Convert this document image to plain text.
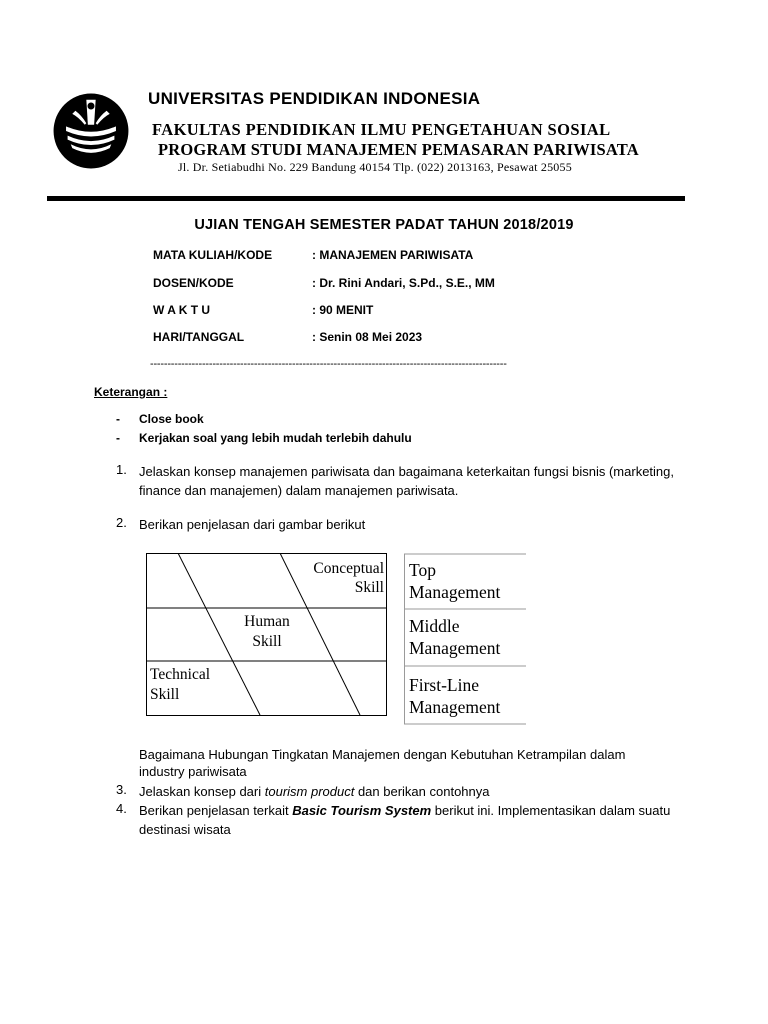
UNIVERSITAS PENDIDIKAN INDONESIA
FAKULTAS PENDIDIKAN ILMU PENGETAHUAN SOSIAL
PROGRAM STUDI MANAJEMEN PEMASARAN PARIWISATA
Jl. Dr. Setiabudhi No. 229 Bandung 40154 Tlp. (022) 2013163, Pesawat 25055
UJIAN TENGAH SEMESTER PADAT TAHUN 2018/2019
MATA KULIAH/KODE	: MANAJEMEN PARIWISATA
DOSEN/KODE	: Dr. Rini Andari, S.Pd., S.E., MM
W A K T U	: 90 MENIT
HARI/TANGGAL	: Senin 08 Mei 2023
-------------------------------------------------------------------------------------------------------
Keterangan :
- Close book
- Kerjakan soal yang lebih mudah terlebih dahulu
1. Jelaskan konsep manajemen pariwisata dan bagaimana keterkaitan fungsi bisnis (marketing, finance dan manajemen) dalam manajemen pariwisata.
2. Berikan penjelasan dari gambar berikut
Conceptual
Skill
Human
Skill
Technical
Skill
Top
Management
Middle
Management
First-Line
Management
Bagaimana Hubungan Tingkatan Manajemen dengan Kebutuhan Ketrampilan dalam industry pariwisata
3. Jelaskan konsep dari tourism product dan berikan contohnya
4. Berikan penjelasan terkait Basic Tourism System berikut ini. Implementasikan dalam suatu destinasi wisata
